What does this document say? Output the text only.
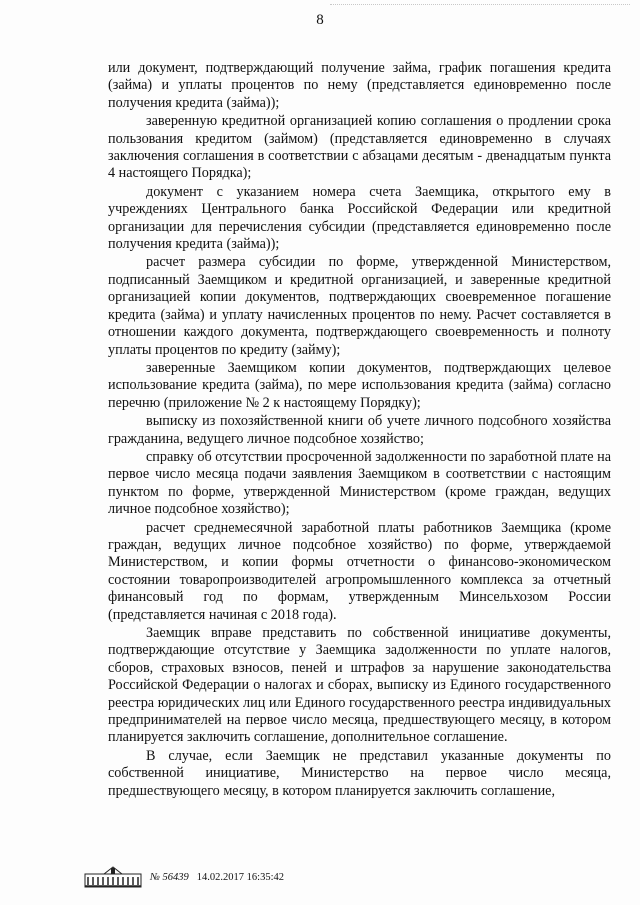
8

или документ, подтверждающий получение займа, график погашения кредита (займа) и уплаты процентов по нему (представляется единовременно после получения кредита (займа));

заверенную кредитной организацией копию соглашения о продлении срока пользования кредитом (займом) (представляется единовременно в случаях заключения соглашения в соответствии с абзацами десятым - двенадцатым пункта 4 настоящего Порядка);

документ с указанием номера счета Заемщика, открытого ему в учреждениях Центрального банка Российской Федерации или кредитной организации для перечисления субсидии (представляется единовременно после получения кредита (займа));

расчет размера субсидии по форме, утвержденной Министерством, подписанный Заемщиком и кредитной организацией, и заверенные кредитной организацией копии документов, подтверждающих своевременное погашение кредита (займа) и уплату начисленных процентов по нему. Расчет составляется в отношении каждого документа, подтверждающего своевременность и полноту уплаты процентов по кредиту (займу);

заверенные Заемщиком копии документов, подтверждающих целевое использование кредита (займа), по мере использования кредита (займа) согласно перечню (приложение № 2 к настоящему Порядку);

выписку из похозяйственной книги об учете личного подсобного хозяйства гражданина, ведущего личное подсобное хозяйство;

справку об отсутствии просроченной задолженности по заработной плате на первое число месяца подачи заявления Заемщиком в соответствии с настоящим пунктом по форме, утвержденной Министерством (кроме граждан, ведущих личное подсобное хозяйство);

расчет среднемесячной заработной платы работников Заемщика (кроме граждан, ведущих личное подсобное хозяйство) по форме, утверждаемой Министерством, и копии формы отчетности о финансово-экономическом состоянии товаропроизводителей агропромышленного комплекса за отчетный финансовый год по формам, утвержденным Минсельхозом России (представляется начиная с 2018 года).

Заемщик вправе представить по собственной инициативе документы, подтверждающие отсутствие у Заемщика задолженности по уплате налогов, сборов, страховых взносов, пеней и штрафов за нарушение законодательства Российской Федерации о налогах и сборах, выписку из Единого государственного реестра юридических лиц или Единого государственного реестра индивидуальных предпринимателей на первое число месяца, предшествующего месяцу, в котором планируется заключить соглашение, дополнительное соглашение.

В случае, если Заемщик не представил указанные документы по собственной инициативе, Министерство на первое число месяца, предшествующего месяцу, в котором планируется заключить соглашение,

№ 56439 14.02.2017 16:35:42
